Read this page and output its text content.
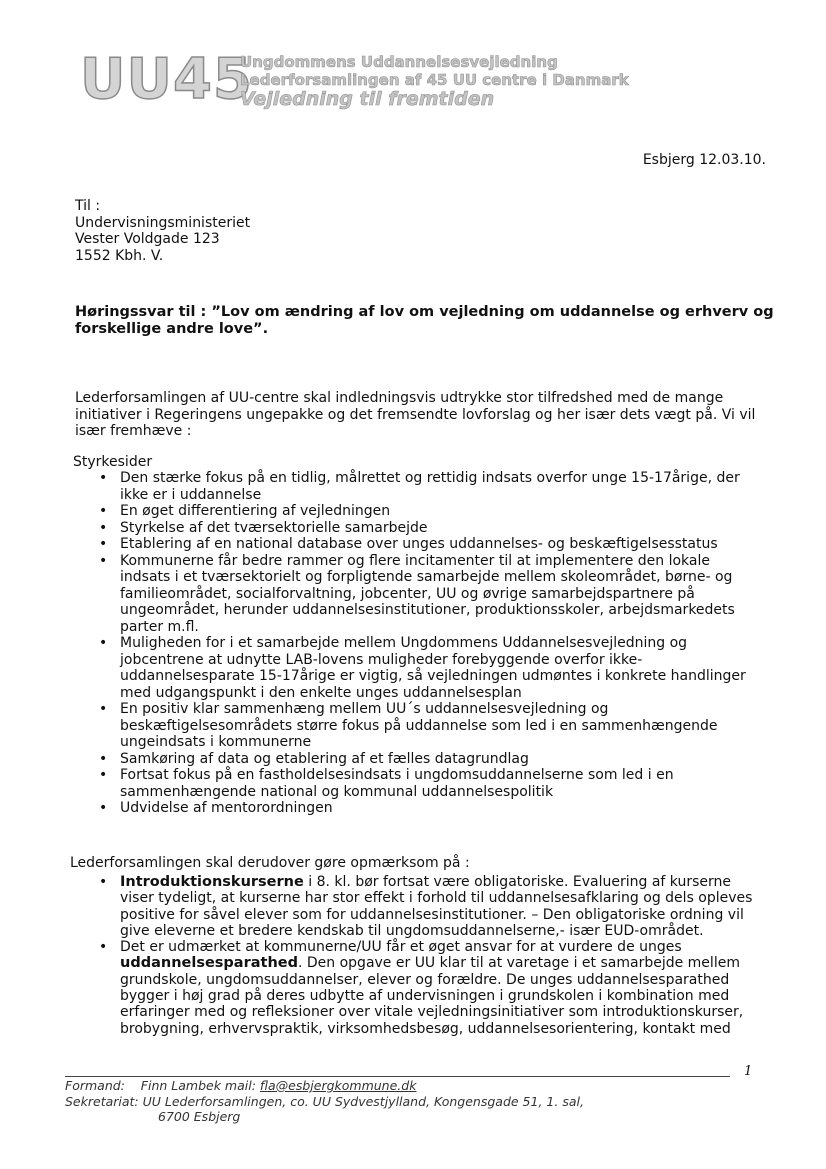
UU45
Ungdommens Uddannelsesvejledning
Lederforsamlingen af 45 UU centre i Danmark
Vejledning til fremtiden
Esbjerg 12.03.10.
Til :
Undervisningsministeriet
Vester Voldgade 123
1552 Kbh. V.
Høringssvar til : ”Lov om ændring af lov om vejledning om uddannelse og erhverv og
forskellige andre love”.
Lederforsamlingen af UU-centre skal indledningsvis udtrykke stor tilfredshed med de mange
initiativer i Regeringens ungepakke og det fremsendte lovforslag og her især dets vægt på. Vi vil
især fremhæve :
Styrkesider
• Den stærke fokus på en tidlig, målrettet og rettidig indsats overfor unge 15-17årige, der
ikke er i uddannelse
• En øget differentiering af vejledningen
• Styrkelse af det tværsektorielle samarbejde
• Etablering af en national database over unges uddannelses- og beskæftigelsesstatus
• Kommunerne får bedre rammer og flere incitamenter til at implementere den lokale
indsats i et tværsektorielt og forpligtende samarbejde mellem skoleområdet, børne- og
familieområdet, socialforvaltning, jobcenter, UU og øvrige samarbejdspartnere på
ungeområdet, herunder uddannelsesinstitutioner, produktionsskoler, arbejdsmarkedets
parter m.fl.
• Muligheden for i et samarbejde mellem Ungdommens Uddannelsesvejledning og
jobcentrene at udnytte LAB-lovens muligheder forebyggende overfor ikke-
uddannelsesparate 15-17årige er vigtig, så vejledningen udmøntes i konkrete handlinger
med udgangspunkt i den enkelte unges uddannelsesplan
• En positiv klar sammenhæng mellem UU´s uddannelsesvejledning og
beskæftigelsesområdets større fokus på uddannelse som led i en sammenhængende
ungeindsats i kommunerne
• Samkøring af data og etablering af et fælles datagrundlag
• Fortsat fokus på en fastholdelsesindsats i ungdomsuddannelserne som led i en
sammenhængende national og kommunal uddannelsespolitik
• Udvidelse af mentorordningen
Lederforsamlingen skal derudover gøre opmærksom på :
• Introduktionskurserne i 8. kl. bør fortsat være obligatoriske. Evaluering af kurserne
viser tydeligt, at kurserne har stor effekt i forhold til uddannelsesafklaring og dels opleves
positive for såvel elever som for uddannelsesinstitutioner. – Den obligatoriske ordning vil
give eleverne et bredere kendskab til ungdomsuddannelserne,- især EUD-området.
• Det er udmærket at kommunerne/UU får et øget ansvar for at vurdere de unges
uddannelsesparathed. Den opgave er UU klar til at varetage i et samarbejde mellem
grundskole, ungdomsuddannelser, elever og forældre. De unges uddannelsesparathed
bygger i høj grad på deres udbytte af undervisningen i grundskolen i kombination med
erfaringer med og refleksioner over vitale vejledningsinitiativer som introduktionskurser,
brobygning, erhvervspraktik, virksomhedsbesøg, uddannelsesorientering, kontakt med
1
Formand: Finn Lambek mail: fla@esbjergkommune.dk
Sekretariat: UU Lederforsamlingen, co. UU Sydvestjylland, Kongensgade 51, 1. sal,
6700 Esbjerg
